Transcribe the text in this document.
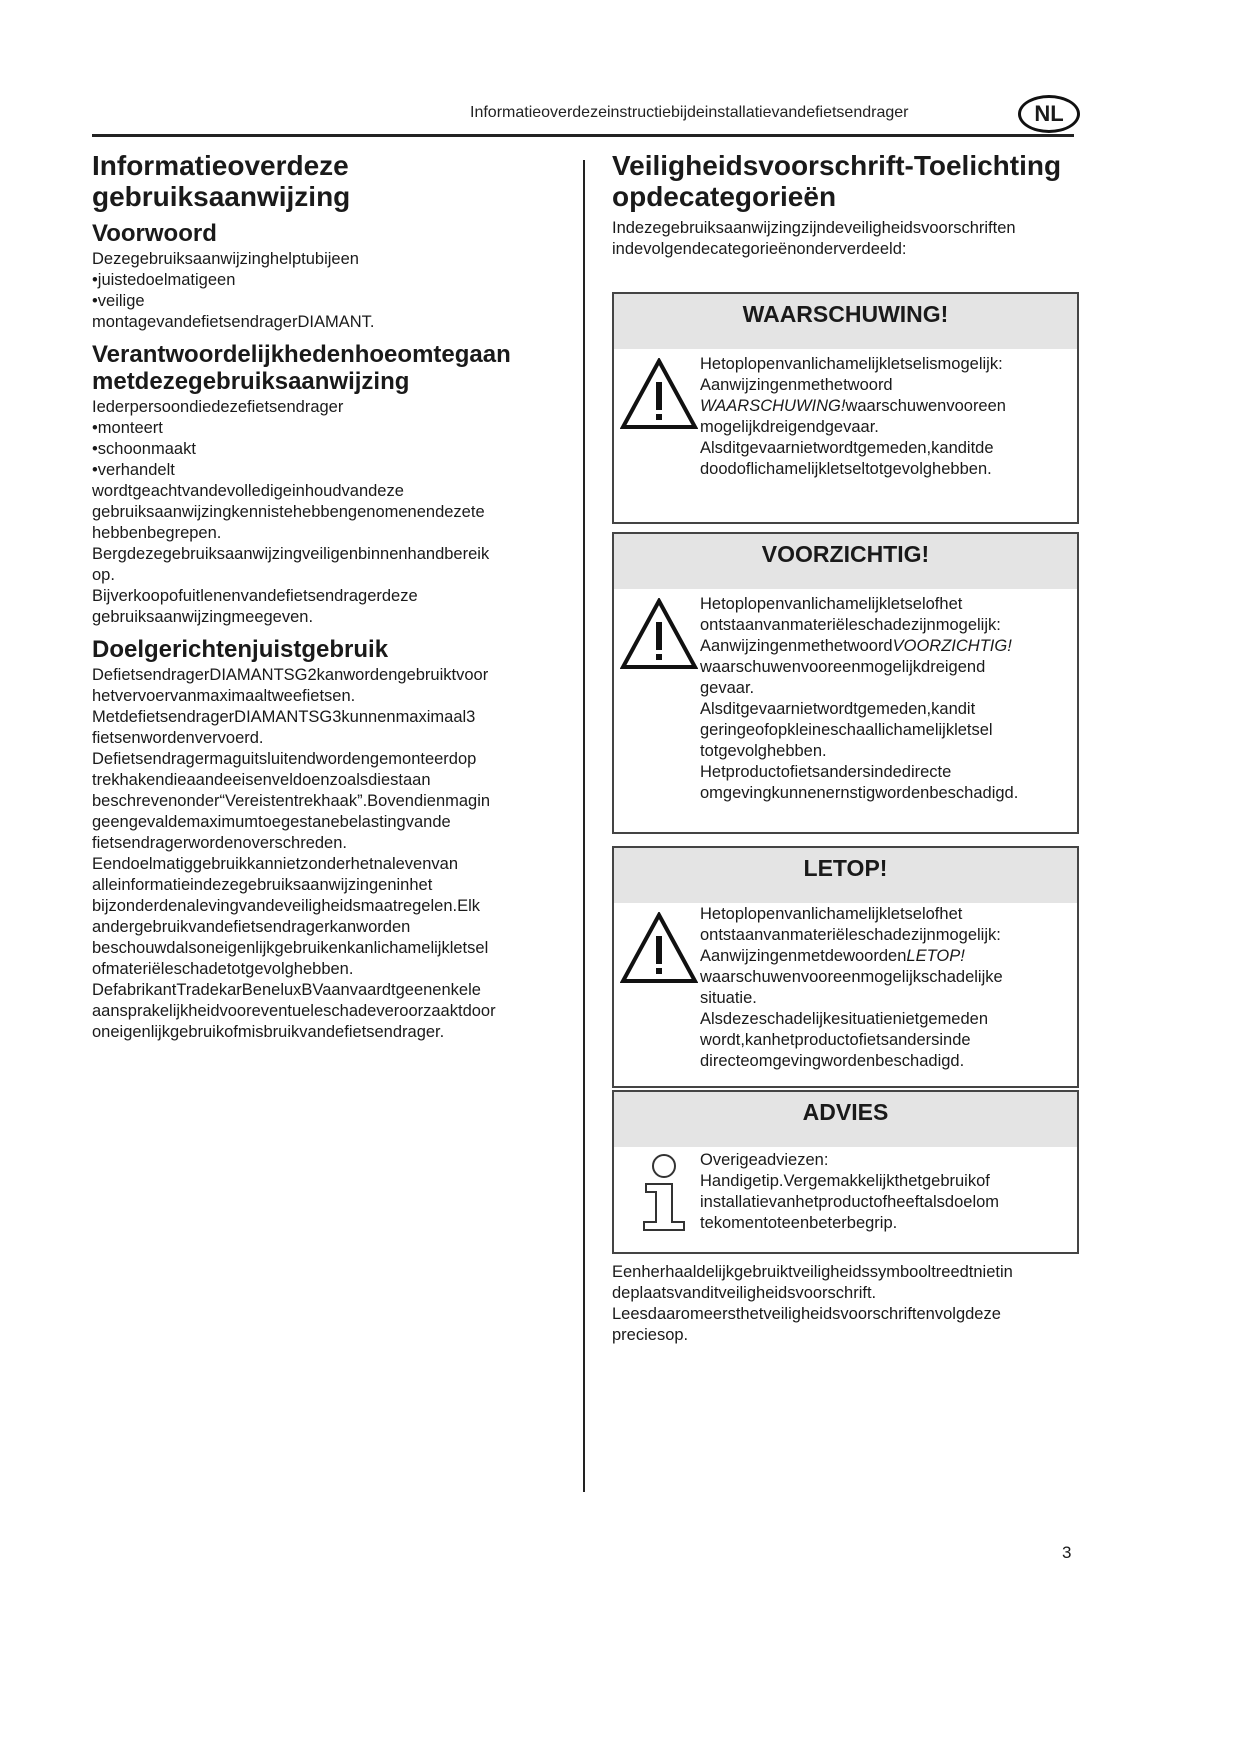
Informatieoverdezeinstructiebijdeinstallatievandefietsendrager	NL
Informatieoverdeze
gebruiksaanwijzing
Voorwoord

Dezegebruiksaanwijzinghelptubijeen

•juistedoelmatigeen

•veilige

montagevandefietsendragerDIAMANT.

Verantwoordelijkhedenhoeomtegaan
metdezegebruiksaanwijzing

Iederpersoondiedezefietsendrager

•monteert

•schoonmaakt

•verhandelt

wordtgeachtvandevolledigeinhoudvandeze

gebruiksaanwijzingkennistehebbengenomenendezete

hebbenbegrepen.

Bergdezegebruiksaanwijzingveiligenbinnenhandbereik

op.

Bijverkoopofuitlenenvandefietsendragerdeze

gebruiksaanwijzingmeegeven.

Doelgerichtenjuistgebruik

DefietsendragerDIAMANTSG2kanwordengebruiktvoor

hetvervoervanmaximaaltweefietsen.

MetdefietsendragerDIAMANTSG3kunnenmaximaal3

fietsenwordenvervoerd.

Defietsendragermaguitsluitendwordengemonteerdop

trekhakendieaandeeisenveldoenzoalsdiestaan

beschrevenonder“Vereistentrekhaak”.Bovendienmagin

geengevaldemaximumtoegestanebelastingvande

fietsendragerwordenoverschreden.

Eendoelmatiggebruikkannietzonderhetnalevenvan

alleinformatieindezegebruiksaanwijzingeninhet

bijzonderdenalevingvandeveiligheidsmaatregelen.Elk

andergebruikvandefietsendragerkanworden

beschouwdalsoneigenlijkgebruikenkanlichamelijkletsel

ofmateriëleschadetotgevolghebben.

DefabrikantTradekarBeneluxBVaanvaardtgeenenkele

aansprakelijkheidvooreventueleschadeveroorzaaktdoor

oneigenlijkgebruikofmisbruikvandefietsendrager.

Veiligheidsvoorschrift-Toelichting
opdecategorieën

Indezegebruiksaanwijzingzijndeveiligheidsvoorschriften

indevolgendecategorieënonderverdeeld:

WAARSCHUWING!
Hetoplopenvanlichamelijkletselismogelijk:
Aanwijzingenmethetwoord
WAARSCHUWING!waarschuwenvooreen
mogelijkdreigendgevaar.
Alsditgevaarnietwordtgemeden,kanditde
doodoflichamelijkletseltotgevolghebben.
VOORZICHTIG!
Hetoplopenvanlichamelijkletselofhet
ontstaanvanmateriëleschadezijnmogelijk:
AanwijzingenmethetwoordVOORZICHTIG!
waarschuwenvooreenmogelijkdreigend
gevaar.
Alsditgevaarnietwordtgemeden,kandit
geringeofopkleineschaallichamelijkletsel
totgevolghebben.
Hetproductofietsandersindedirecte
omgevingkunnenernstigwordenbeschadigd.
LETOP!
Hetoplopenvanlichamelijkletselofhet
ontstaanvanmateriëleschadezijnmogelijk:
AanwijzingenmetdewoordenLETOP!
waarschuwenvooreenmogelijkschadelijke
situatie.
Alsdezeschadelijkesituatienietgemeden
wordt,kanhetproductofietsandersinde
directeomgevingwordenbeschadigd.
ADVIES
Overigeadviezen:
Handigetip.Vergemakkelijkthetgebruikof
installatievanhetproductofheeftalsdoelom
tekomentoteenbeterbegrip.

Eenherhaaldelijkgebruiktveiligheidssymbooltreedtnietin

deplaatsvanditveiligheidsvoorschrift.

Leesdaaromeersthetveiligheidsvoorschriftenvolgdeze

preciesop.

3
